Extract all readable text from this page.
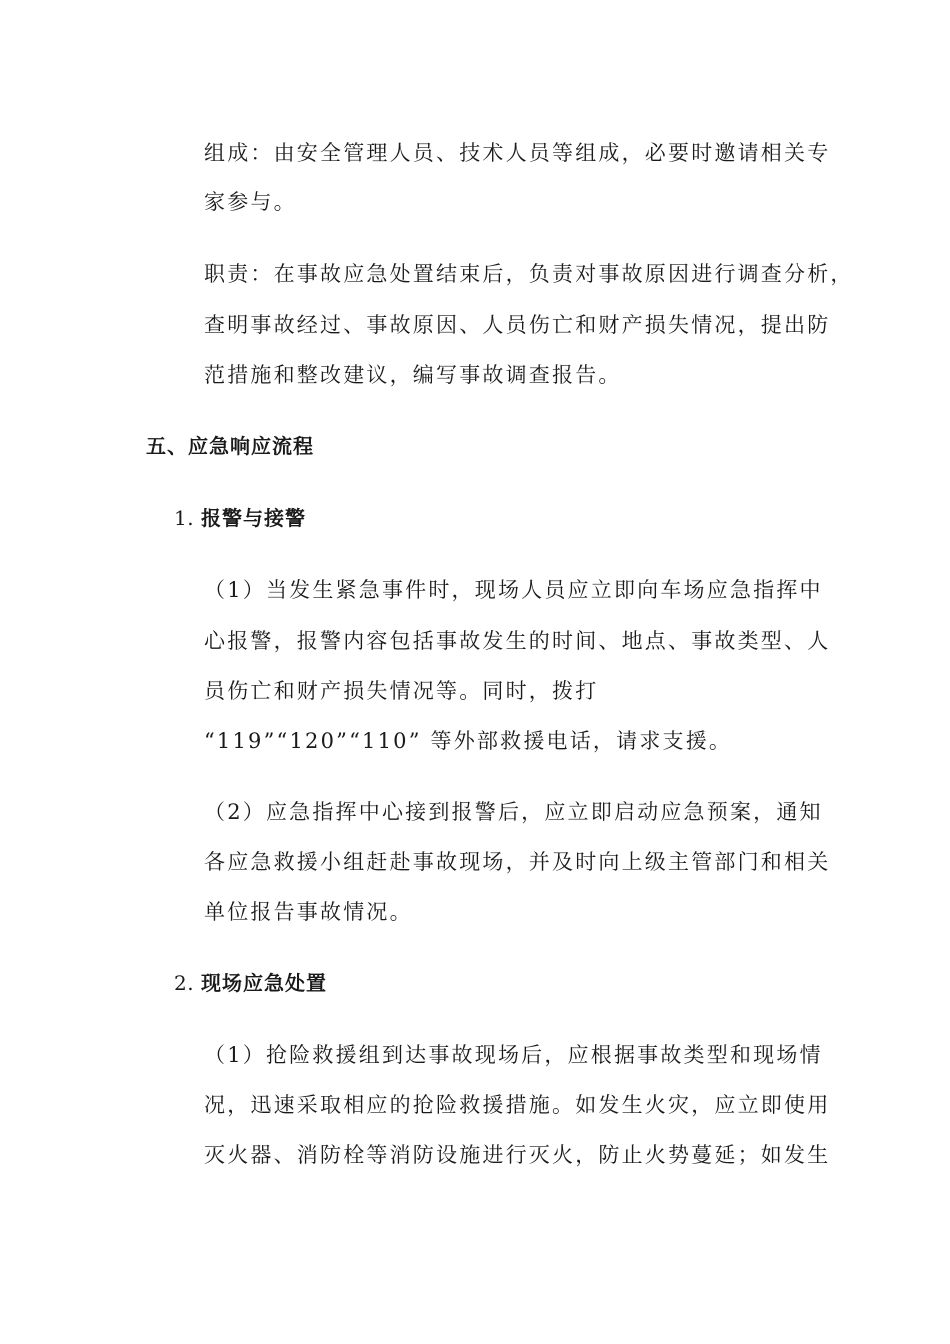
组成：由安全管理人员、技术人员等组成，必要时邀请相关专
家参与。
职责：在事故应急处置结束后，负责对事故原因进行调查分析，
查明事故经过、事故原因、人员伤亡和财产损失情况，提出防
范措施和整改建议，编写事故调查报告。
五、应急响应流程
1. 报警与接警
（1）当发生紧急事件时，现场人员应立即向车场应急指挥中
心报警，报警内容包括事故发生的时间、地点、事故类型、人
员伤亡和财产损失情况等。同时，拨打
“119”“120”“110” 等外部救援电话，请求支援。
（2）应急指挥中心接到报警后，应立即启动应急预案，通知
各应急救援小组赶赴事故现场，并及时向上级主管部门和相关
单位报告事故情况。
2. 现场应急处置
（1）抢险救援组到达事故现场后，应根据事故类型和现场情
况，迅速采取相应的抢险救援措施。如发生火灾，应立即使用
灭火器、消防栓等消防设施进行灭火，防止火势蔓延；如发生
